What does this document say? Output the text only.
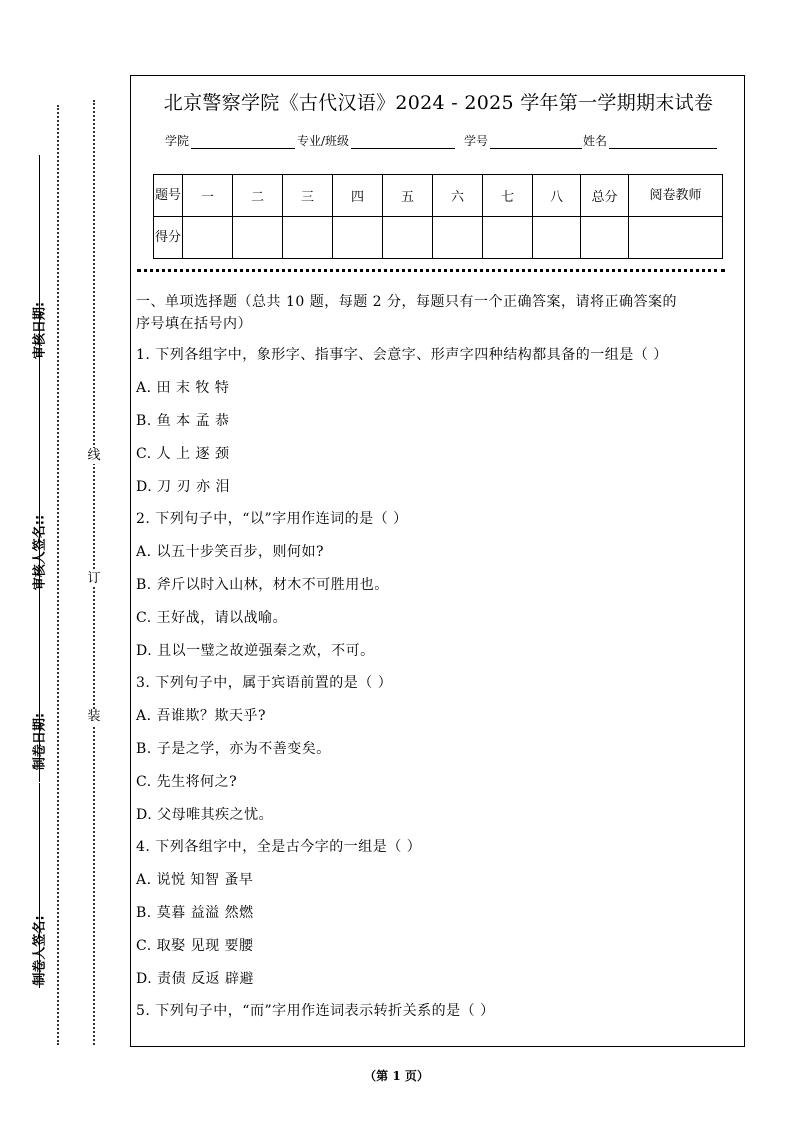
审核日期:
审核人签名::
制卷日期:
制卷人签名:
线
订
装
北京警察学院《古代汉语》2024 - 2025 学年第一学期期末试卷
学院	专业/班级	学号	姓名
题号	一	二	三	四	五	六	七	八	总分	阅卷教师
得分										
一、单项选择题（总共 10 题，每题 2 分，每题只有一个正确答案，请将正确答案的
序号填在括号内）
1. 下列各组字中，象形字、指事字、会意字、形声字四种结构都具备的一组是（ ）
A. 田 末 牧 特
B. 鱼 本 孟 恭
C. 人 上 逐 颈
D. 刀 刃 亦 泪
2. 下列句子中，“以”字用作连词的是（ ）
A. 以五十步笑百步，则何如?
B. 斧斤以时入山林，材木不可胜用也。
C. 王好战，请以战喻。
D. 且以一璧之故逆强秦之欢，不可。
3. 下列句子中，属于宾语前置的是（ ）
A. 吾谁欺？欺天乎?
B. 子是之学，亦为不善变矣。
C. 先生将何之?
D. 父母唯其疾之忧。
4. 下列各组字中，全是古今字的一组是（ ）
A. 说悦 知智 蚤早
B. 莫暮 益溢 然燃
C. 取娶 见现 要腰
D. 责债 反返 辟避
5. 下列句子中，“而”字用作连词表示转折关系的是（ ）
（第 1 页）
